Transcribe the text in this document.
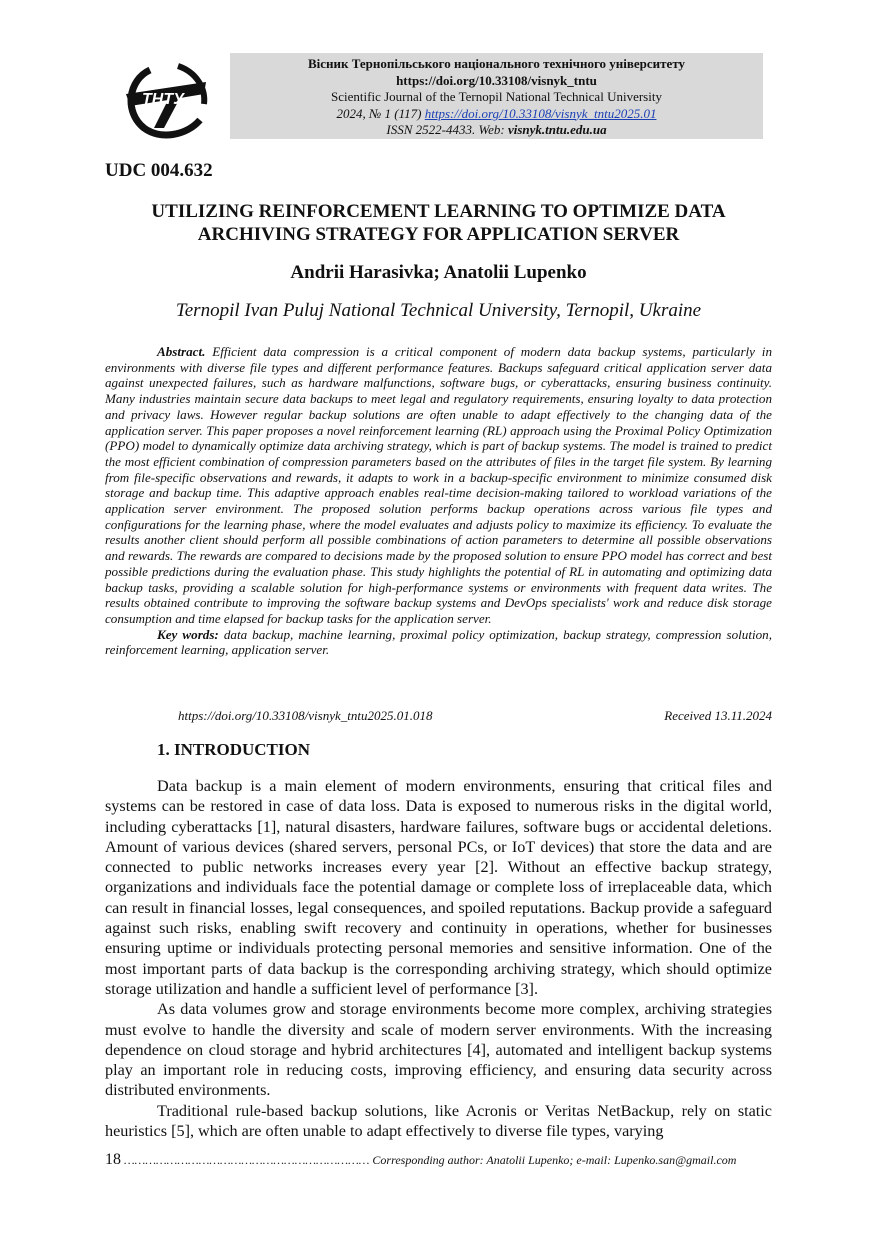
ТНТУ
Вісник Тернопільського національного технічного університету
https://doi.org/10.33108/visnyk_tntu
Scientific Journal of the Ternopil National Technical University
2024, № 1 (117) https://doi.org/10.33108/visnyk_tntu2025.01
ISSN 2522-4433. Web: visnyk.tntu.edu.ua
UDC 004.632
UTILIZING REINFORCEMENT LEARNING TO OPTIMIZE DATA
ARCHIVING STRATEGY FOR APPLICATION SERVER
Andrii Harasivka; Anatolii Lupenko
Ternopil Ivan Puluj National Technical University, Ternopil, Ukraine

Abstract. Efficient data compression is a critical component of modern data backup systems, particularly in environments with diverse file types and different performance features. Backups safeguard critical application server data against unexpected failures, such as hardware malfunctions, software bugs, or cyberattacks, ensuring business continuity. Many industries maintain secure data backups to meet legal and regulatory requirements, ensuring loyalty to data protection and privacy laws. However regular backup solutions are often unable to adapt effectively to the changing data of the application server. This paper proposes a novel reinforcement learning (RL) approach using the Proximal Policy Optimization (PPO) model to dynamically optimize data archiving strategy, which is part of backup systems. The model is trained to predict the most efficient combination of compression parameters based on the attributes of files in the target file system. By learning from file-specific observations and rewards, it adapts to work in a backup-specific environment to minimize consumed disk storage and backup time. This adaptive approach enables real-time decision-making tailored to workload variations of the application server environment. The proposed solution performs backup operations across various file types and configurations for the learning phase, where the model evaluates and adjusts policy to maximize its efficiency. To evaluate the results another client should perform all possible combinations of action parameters to determine all possible observations and rewards. The rewards are compared to decisions made by the proposed solution to ensure PPO model has correct and best possible predictions during the evaluation phase. This study highlights the potential of RL in automating and optimizing data backup tasks, providing a scalable solution for high-performance systems or environments with frequent data writes. The results obtained contribute to improving the software backup systems and DevOps specialists' work and reduce disk storage consumption and time elapsed for backup tasks for the application server.

Key words: data backup, machine learning, proximal policy optimization, backup strategy, compression solution, reinforcement learning, application server.

https://doi.org/10.33108/visnyk_tntu2025.01.018	Received 13.11.2024
1. INTRODUCTION

Data backup is a main element of modern environments, ensuring that critical files and systems can be restored in case of data loss. Data is exposed to numerous risks in the digital world, including cyberattacks [1], natural disasters, hardware failures, software bugs or accidental deletions. Amount of various devices (shared servers, personal PCs, or IoT devices) that store the data and are connected to public networks increases every year [2]. Without an effective backup strategy, organizations and individuals face the potential damage or complete loss of irreplaceable data, which can result in financial losses, legal consequences, and spoiled reputations. Backup provide a safeguard against such risks, enabling swift recovery and continuity in operations, whether for businesses ensuring uptime or individuals protecting personal memories and sensitive information. One of the most important parts of data backup is the corresponding archiving strategy, which should optimize storage utilization and handle a sufficient level of performance [3].

As data volumes grow and storage environments become more complex, archiving strategies must evolve to handle the diversity and scale of modern server environments. With the increasing dependence on cloud storage and hybrid architectures [4], automated and intelligent backup systems play an important role in reducing costs, improving efficiency, and ensuring data security across distributed environments.

Traditional rule-based backup solutions, like Acronis or Veritas NetBackup, rely on static heuristics [5], which are often unable to adapt effectively to diverse file types, varying

18 …………………………………………………………… Corresponding author: Anatolii Lupenko; e-mail: Lupenko.san@gmail.com
